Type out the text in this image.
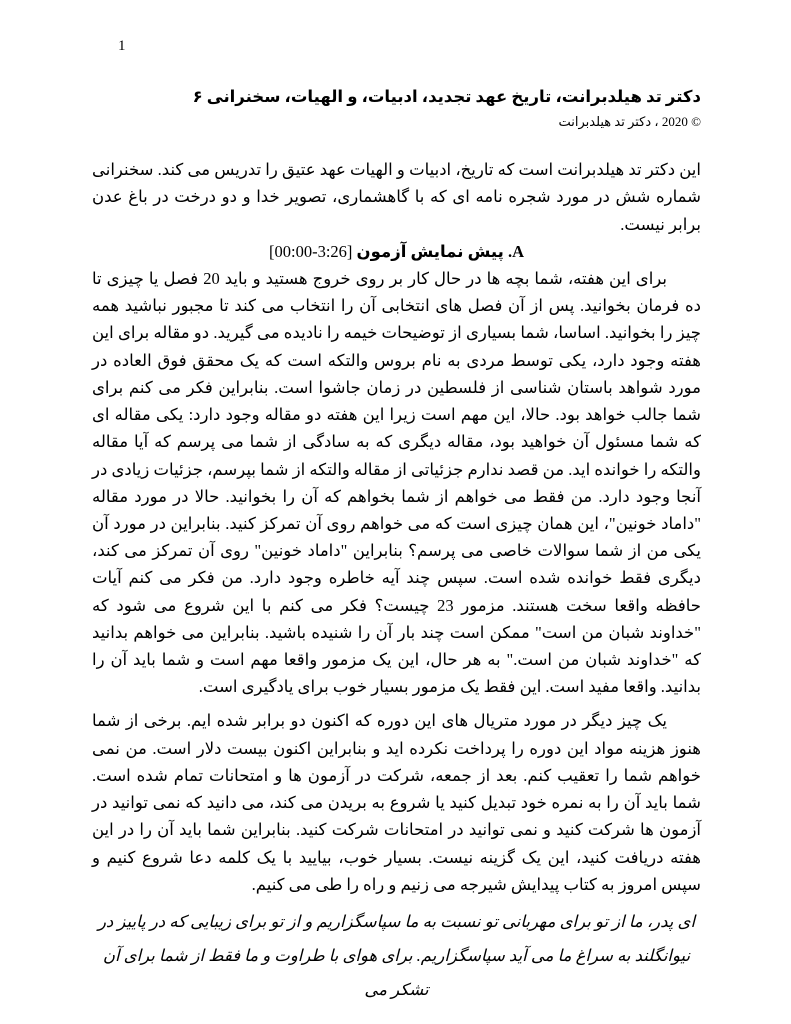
1
دکتر تد هیلدبرانت، تاریخ عهد تجدید، ادبیات، و الهیات، سخنرانی ۶
© 2020 ، دکتر تد هیلدبرانت

این دکتر تد هیلدبرانت است که تاریخ، ادبیات و الهیات عهد عتیق را تدریس می کند. سخنرانی شماره شش در مورد شجره نامه ای که با گاهشماری، تصویر خدا و دو درخت در باغ عدن برابر نیست.

A. پیش نمایش آزمون [3:26-00:00]

برای این هفته، شما بچه ها در حال کار بر روی خروج هستید و باید 20 فصل یا چیزی تا ده فرمان بخوانید. پس از آن فصل های انتخابی آن را انتخاب می کند تا مجبور نباشید همه چیز را بخوانید. اساسا، شما بسیاری از توضیحات خیمه را نادیده می گیرید. دو مقاله برای این هفته وجود دارد، یکی توسط مردی به نام بروس والتکه است که یک محقق فوق العاده در مورد شواهد باستان شناسی از فلسطین در زمان جاشوا است. بنابراین فکر می کنم برای شما جالب خواهد بود. حالا، این مهم است زیرا این هفته دو مقاله وجود دارد: یکی مقاله ای که شما مسئول آن خواهید بود، مقاله دیگری که به سادگی از شما می پرسم که آیا مقاله والتکه را خوانده اید. من قصد ندارم جزئیاتی از مقاله والتکه از شما بپرسم، جزئیات زیادی در آنجا وجود دارد. من فقط می خواهم از شما بخواهم که آن را بخوانید. حالا در مورد مقاله "داماد خونین"، این همان چیزی است که می خواهم روی آن تمرکز کنید. بنابراین در مورد آن یکی من از شما سوالات خاصی می پرسم؟ بنابراین "داماد خونین" روی آن تمرکز می کند، دیگری فقط خوانده شده است. سپس چند آیه خاطره وجود دارد. من فکر می کنم آیات حافظه واقعا سخت هستند. مزمور 23 چیست؟ فکر می کنم با این شروع می شود که "خداوند شبان من است" ممکن است چند بار آن را شنیده باشید. بنابراین می خواهم بدانید که "خداوند شبان من است." به هر حال، این یک مزمور واقعا مهم است و شما باید آن را بدانید. واقعا مفید است. این فقط یک مزمور بسیار خوب برای یادگیری است.

یک چیز دیگر در مورد متریال های این دوره که اکنون دو برابر شده ایم. برخی از شما هنوز هزینه مواد این دوره را پرداخت نکرده اید و بنابراین اکنون بیست دلار است. من نمی خواهم شما را تعقیب کنم. بعد از جمعه، شرکت در آزمون ها و امتحانات تمام شده است. شما باید آن را به نمره خود تبدیل کنید یا شروع به بریدن می کند، می دانید که نمی توانید در آزمون ها شرکت کنید و نمی توانید در امتحانات شرکت کنید. بنابراین شما باید آن را در این هفته دریافت کنید، این یک گزینه نیست. بسیار خوب، بیایید با یک کلمه دعا شروع کنیم و سپس امروز به کتاب پیدایش شیرجه می زنیم و راه را طی می کنیم.

ای پدر، ما از تو برای مهربانی تو نسبت به ما سپاسگزاریم و از تو برای زیبایی که در پاییز در نیوانگلند به سراغ ما می آید سپاسگزاریم. برای هوای با طراوت و ما فقط از شما برای آن تشکر می
